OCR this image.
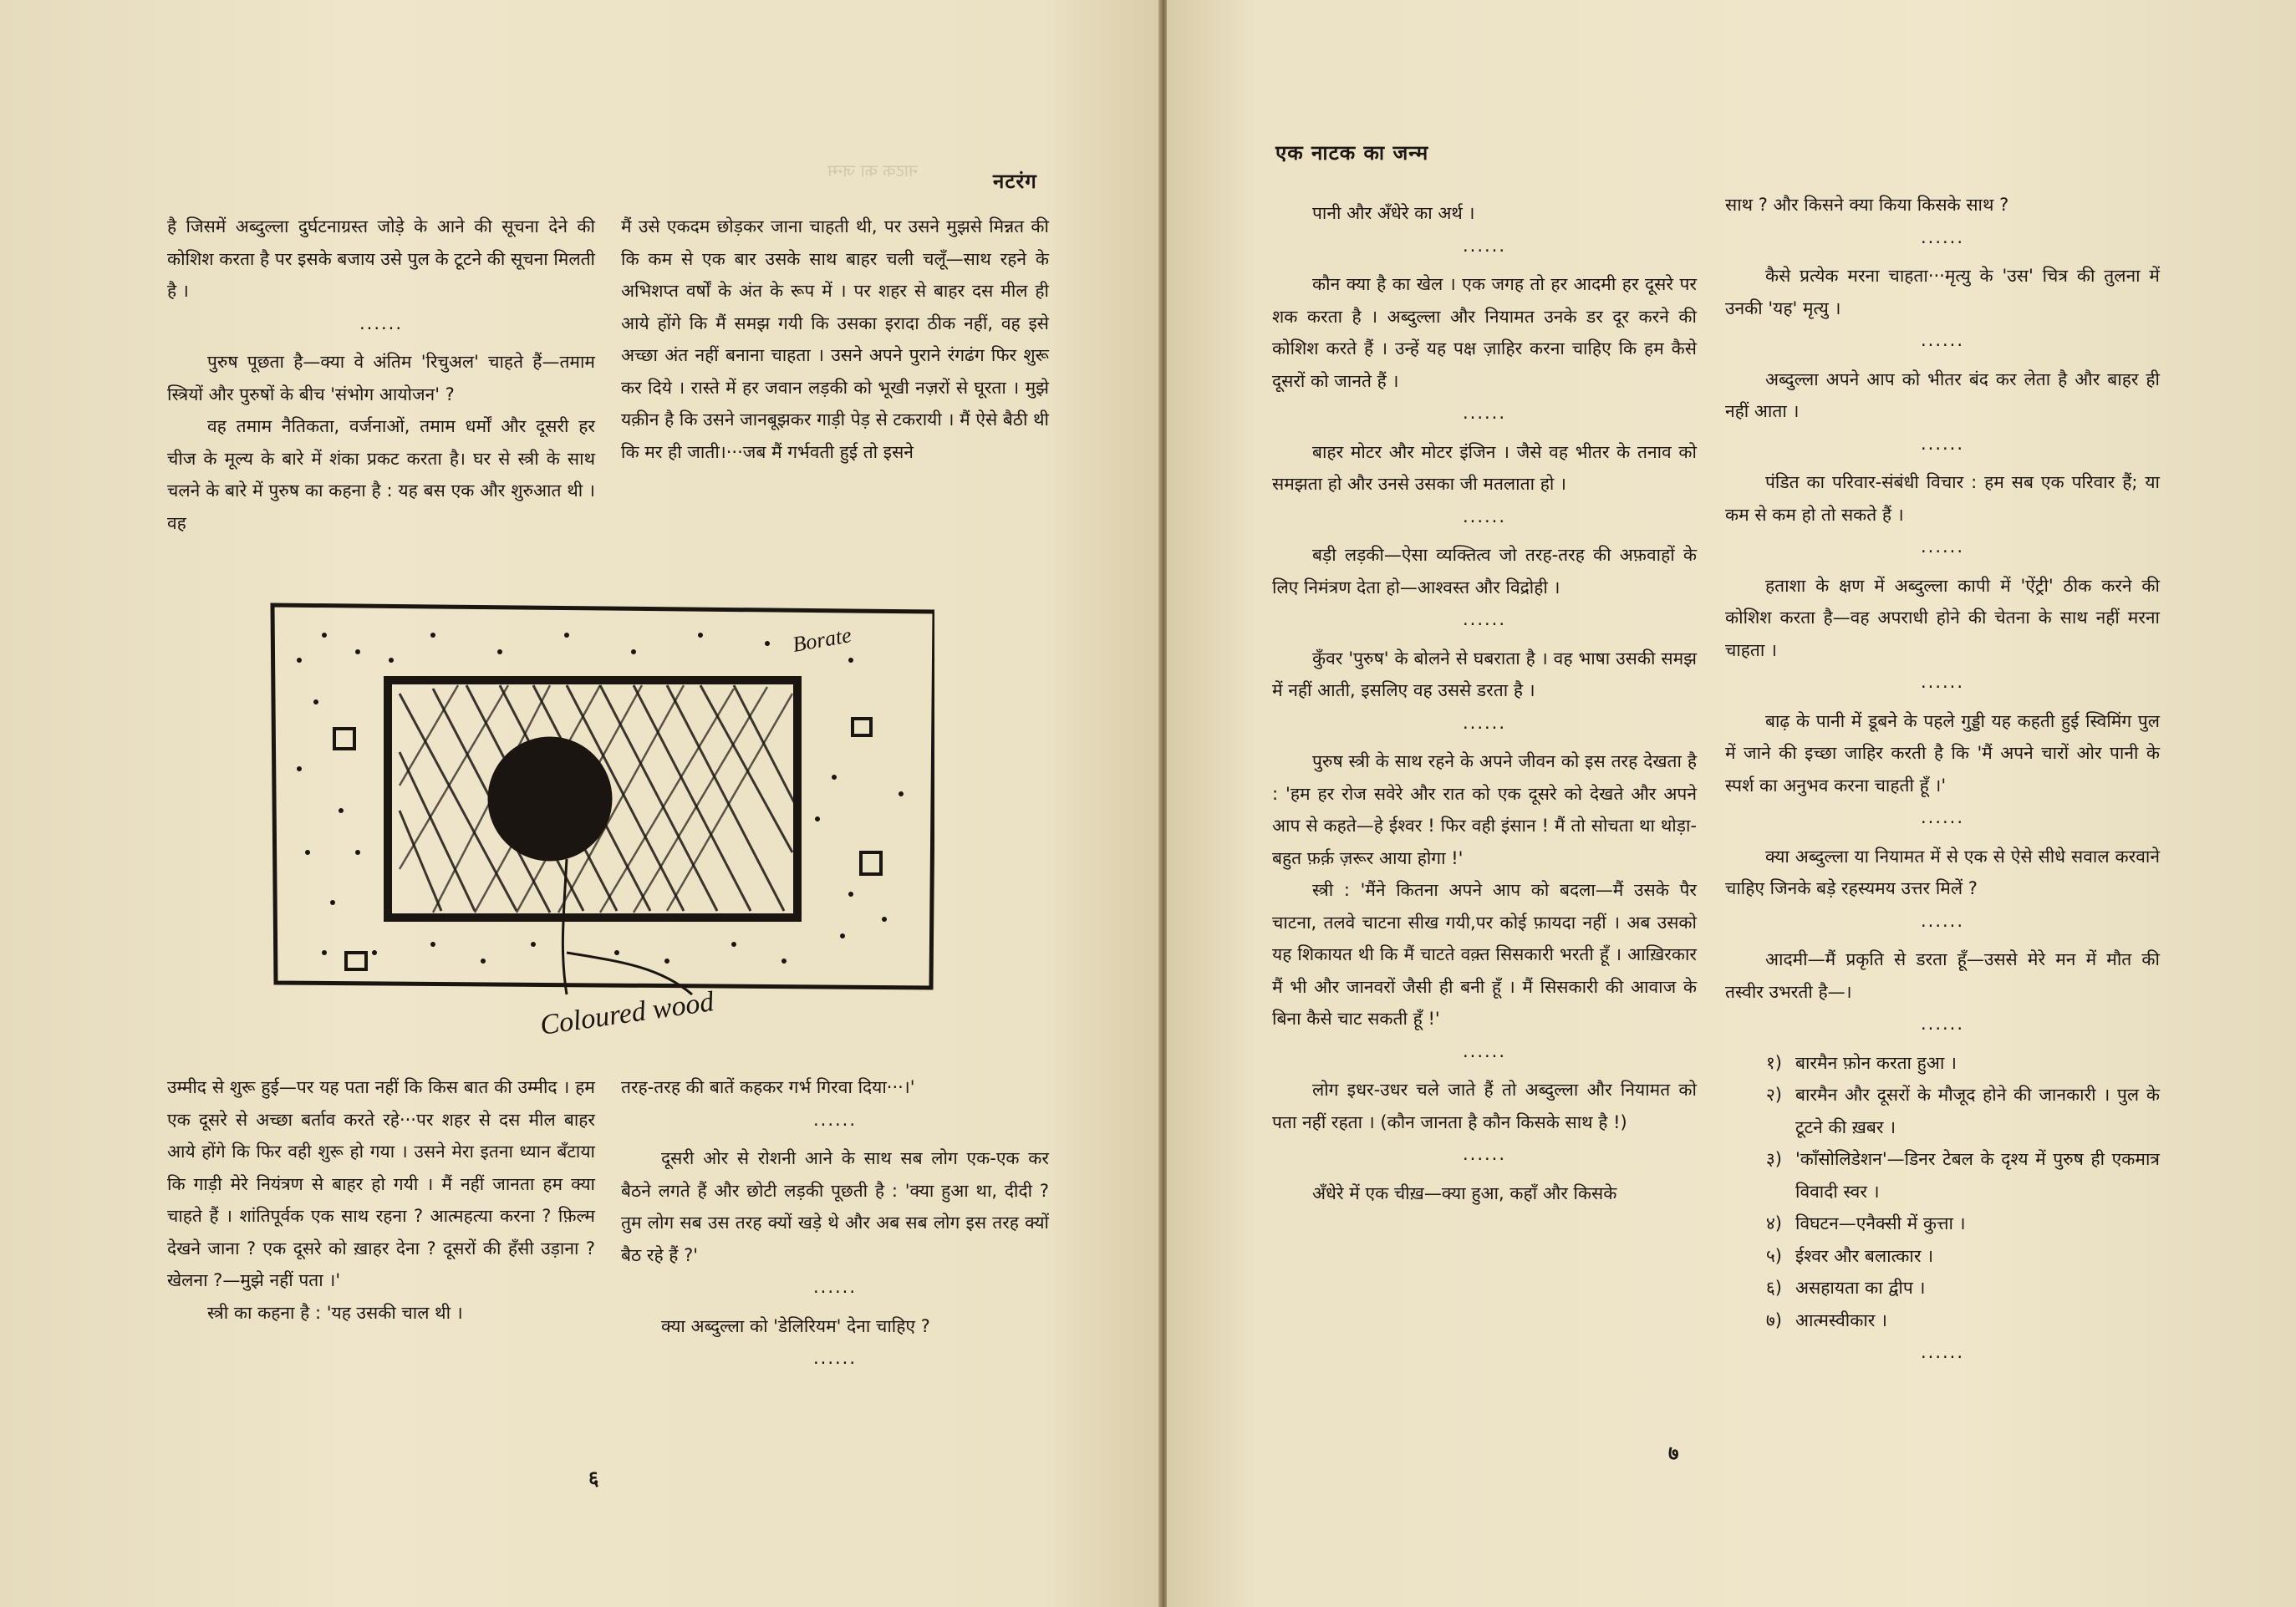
नाटक का जन्म	नटरंग

है जिसमें अब्दुल्ला दुर्घटनाग्रस्त जोड़े के आने की सूचना देने की कोशिश करता है पर इसके बजाय उसे पुल के टूटने की सूचना मिलती है ।

......

पुरुष पूछता है—क्या वे अंतिम 'रिचुअल' चाहते हैं—तमाम स्त्रियों और पुरुषों के बीच 'संभोग आयोजन' ?

वह तमाम नैतिकता, वर्जनाओं, तमाम धर्मों और दूसरी हर चीज के मूल्य के बारे में शंका प्रकट करता है। घर से स्त्री के साथ चलने के बारे में पुरुष का कहना है : यह बस एक और शुरुआत थी । वह

मैं उसे एकदम छोड़कर जाना चाहती थी, पर उसने मुझसे मिन्नत की कि कम से एक बार उसके साथ बाहर चली चलूँ—साथ रहने के अभिशप्त वर्षों के अंत के रूप में । पर शहर से बाहर दस मील ही आये होंगे कि मैं समझ गयी कि उसका इरादा ठीक नहीं, वह इसे अच्छा अंत नहीं बनाना चाहता । उसने अपने पुराने रंगढंग फिर शुरू कर दिये । रास्ते में हर जवान लड़की को भूखी नज़रों से घूरता । मुझे यक़ीन है कि उसने जानबूझकर गाड़ी पेड़ से टकरायी । मैं ऐसे बैठी थी कि मर ही जाती।···जब मैं गर्भवती हुई तो इसने

Borate
Coloured wood

उम्मीद से शुरू हुई—पर यह पता नहीं कि किस बात की उम्मीद । हम एक दूसरे से अच्छा बर्ताव करते रहे···पर शहर से दस मील बाहर आये होंगे कि फिर वही शुरू हो गया । उसने मेरा इतना ध्यान बँटाया कि गाड़ी मेरे नियंत्रण से बाहर हो गयी । मैं नहीं जानता हम क्या चाहते हैं । शांतिपूर्वक एक साथ रहना ? आत्महत्या करना ? फ़िल्म देखने जाना ? एक दूसरे को ख़ाहर देना ? दूसरों की हँसी उड़ाना ? खेलना ?—मुझे नहीं पता ।'

स्त्री का कहना है : 'यह उसकी चाल थी ।

तरह-तरह की बातें कहकर गर्भ गिरवा दिया···।'

......

दूसरी ओर से रोशनी आने के साथ सब लोग एक-एक कर बैठने लगते हैं और छोटी लड़की पूछती है : 'क्या हुआ था, दीदी ? तुम लोग सब उस तरह क्यों खड़े थे और अब सब लोग इस तरह क्यों बैठ रहे हैं ?'

......

क्या अब्दुल्ला को 'डेलिरियम' देना चाहिए ?

......

६
एक नाटक का जन्म

पानी और अँधेरे का अर्थ ।

......

कौन क्या है का खेल । एक जगह तो हर आदमी हर दूसरे पर शक करता है । अब्दुल्ला और नियामत उनके डर दूर करने की कोशिश करते हैं । उन्हें यह पक्ष ज़ाहिर करना चाहिए कि हम कैसे दूसरों को जानते हैं ।

......

बाहर मोटर और मोटर इंजिन । जैसे वह भीतर के तनाव को समझता हो और उनसे उसका जी मतलाता हो ।

......

बड़ी लड़की—ऐसा व्यक्तित्व जो तरह-तरह की अफ़वाहों के लिए निमंत्रण देता हो—आश्वस्त और विद्रोही ।

......

कुँवर 'पुरुष' के बोलने से घबराता है । वह भाषा उसकी समझ में नहीं आती, इसलिए वह उससे डरता है ।

......

पुरुष स्त्री के साथ रहने के अपने जीवन को इस तरह देखता है : 'हम हर रोज सवेरे और रात को एक दूसरे को देखते और अपने आप से कहते—हे ईश्वर ! फिर वही इंसान ! मैं तो सोचता था थोड़ा-बहुत फ़र्क़ ज़रूर आया होगा !'

स्त्री : 'मैंने कितना अपने आप को बदला—मैं उसके पैर चाटना, तलवे चाटना सीख गयी,पर कोई फ़ायदा नहीं । अब उसको यह शिकायत थी कि मैं चाटते वक़्त सिसकारी भरती हूँ । आख़िरकार मैं भी और जानवरों जैसी ही बनी हूँ । मैं सिसकारी की आवाज के बिना कैसे चाट सकती हूँ !'

......

लोग इधर-उधर चले जाते हैं तो अब्दुल्ला और नियामत को पता नहीं रहता । (कौन जानता है कौन किसके साथ है !)

......

अँधेरे में एक चीख़—क्या हुआ, कहाँ और किसके

साथ ? और किसने क्या किया किसके साथ ?

......

कैसे प्रत्येक मरना चाहता···मृत्यु के 'उस' चित्र की तुलना में उनकी 'यह' मृत्यु ।

......

अब्दुल्ला अपने आप को भीतर बंद कर लेता है और बाहर ही नहीं आता ।

......

पंडित का परिवार-संबंधी विचार : हम सब एक परिवार हैं; या कम से कम हो तो सकते हैं ।

......

हताशा के क्षण में अब्दुल्ला कापी में 'ऐंट्री' ठीक करने की कोशिश करता है—वह अपराधी होने की चेतना के साथ नहीं मरना चाहता ।

......

बाढ़ के पानी में डूबने के पहले गुड्डी यह कहती हुई स्विमिंग पुल में जाने की इच्छा जाहिर करती है कि 'मैं अपने चारों ओर पानी के स्पर्श का अनुभव करना चाहती हूँ ।'

......

क्या अब्दुल्ला या नियामत में से एक से ऐसे सीधे सवाल करवाने चाहिए जिनके बड़े रहस्यमय उत्तर मिलें ?

......

आदमी—मैं प्रकृति से डरता हूँ—उससे मेरे मन में मौत की तस्वीर उभरती है—।

......

१) बारमैन फ़ोन करता हुआ ।
२) बारमैन और दूसरों के मौजूद होने की जानकारी । पुल के टूटने की ख़बर ।
३) 'कॉंसोलिडेशन'—डिनर टेबल के दृश्य में पुरुष ही एकमात्र विवादी स्वर ।
४) विघटन—एनैक्सी में कुत्ता ।
५) ईश्वर और बलात्कार ।
६) असहायता का द्वीप ।
७) आत्मस्वीकार ।

......

७
